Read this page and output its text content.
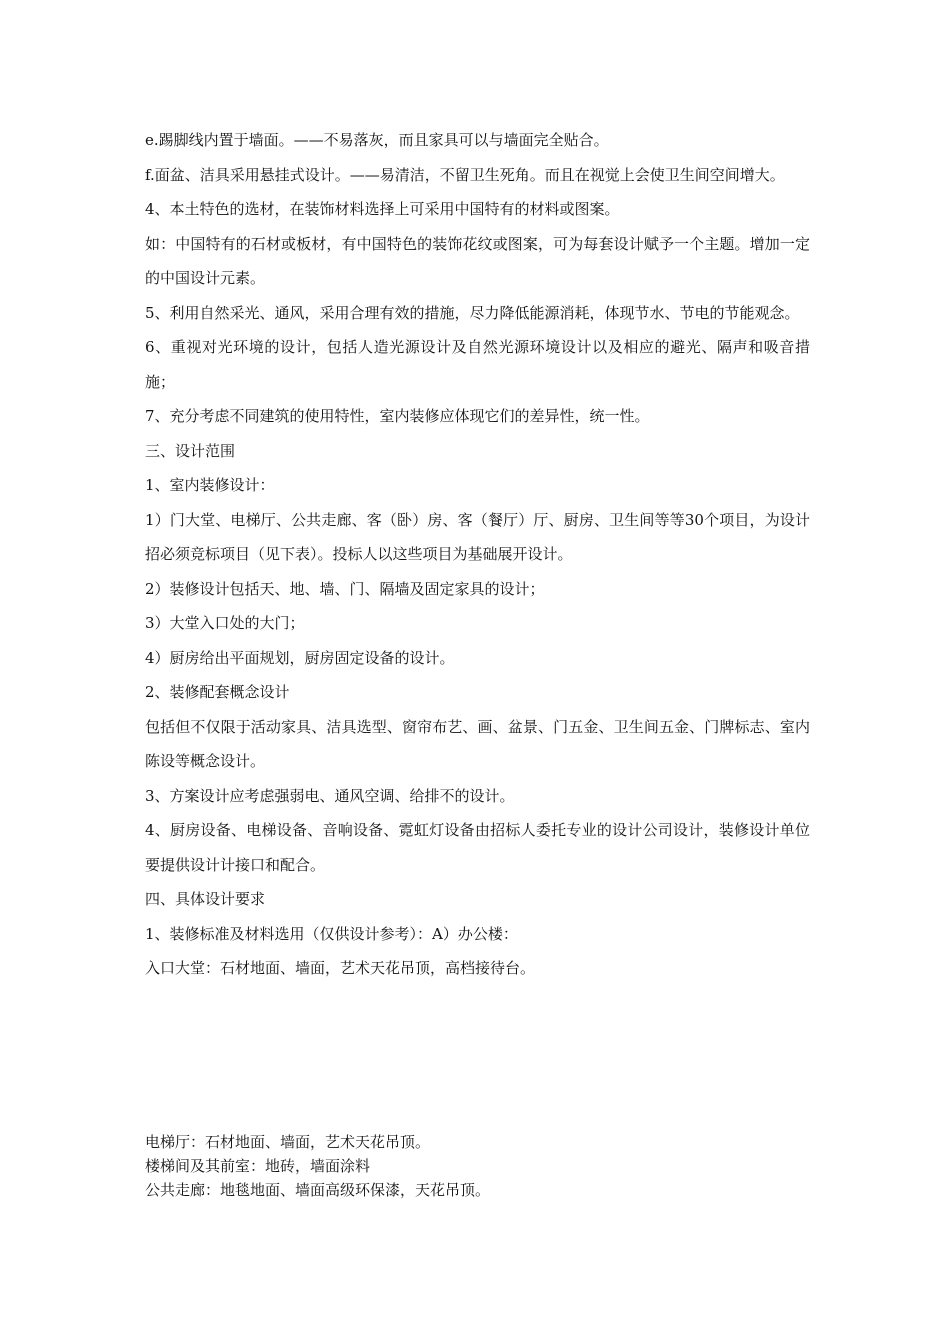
e.踢脚线内置于墙面。——不易落灰，而且家具可以与墙面完全贴合。

f.面盆、洁具采用悬挂式设计。——易清洁，不留卫生死角。而且在视觉上会使卫生间空间增大。

4、本土特色的选材，在装饰材料选择上可采用中国特有的材料或图案。

如：中国特有的石材或板材，有中国特色的装饰花纹或图案，可为每套设计赋予一个主题。增加一定的中国设计元素。

5、利用自然采光、通风，采用合理有效的措施，尽力降低能源消耗，体现节水、节电的节能观念。

6、重视对光环境的设计，包括人造光源设计及自然光源环境设计以及相应的避光、隔声和吸音措施；

7、充分考虑不同建筑的使用特性，室内装修应体现它们的差异性，统一性。

三、设计范围

1、室内装修设计：

1）门大堂、电梯厅、公共走廊、客（卧）房、客（餐厅）厅、厨房、卫生间等等30个项目，为设计招必须竞标项目（见下表）。投标人以这些项目为基础展开设计。

2）装修设计包括天、地、墙、门、隔墙及固定家具的设计；

3）大堂入口处的大门；

4）厨房给出平面规划，厨房固定设备的设计。

2、装修配套概念设计

包括但不仅限于活动家具、洁具选型、窗帘布艺、画、盆景、门五金、卫生间五金、门牌标志、室内陈设等概念设计。

3、方案设计应考虑强弱电、通风空调、给排不的设计。

4、厨房设备、电梯设备、音响设备、霓虹灯设备由招标人委托专业的设计公司设计，装修设计单位要提供设计计接口和配合。

四、具体设计要求

1、装修标准及材料选用（仅供设计参考）：A）办公楼：

入口大堂：石材地面、墙面，艺术天花吊顶，高档接待台。

电梯厅：石材地面、墙面，艺术天花吊顶。

楼梯间及其前室：地砖，墙面涂料

公共走廊：地毯地面、墙面高级环保漆，天花吊顶。
